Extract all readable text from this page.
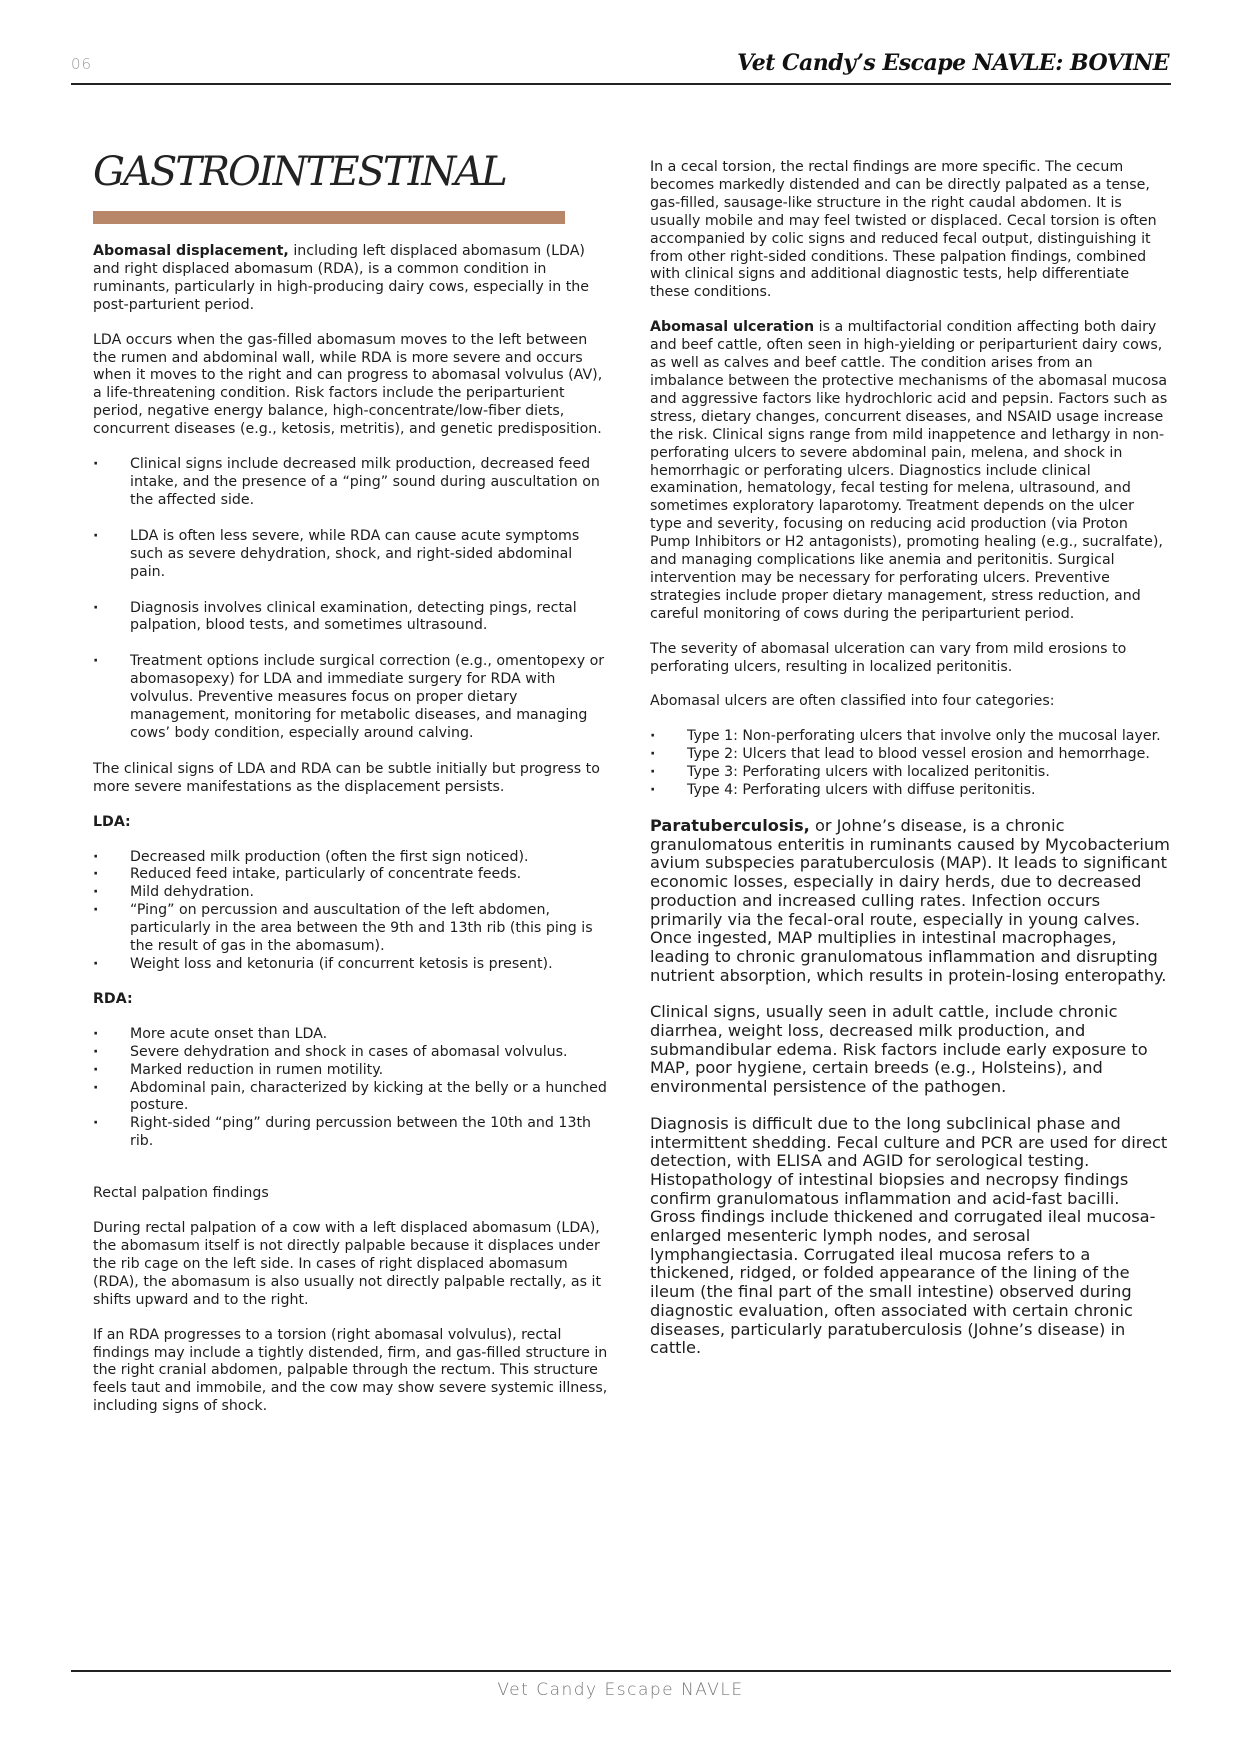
06	Vet Candy’s Escape NAVLE: BOVINE
GASTROINTESTINAL

Abomasal displacement, including left displaced abomasum (LDA) and right displaced abomasum (RDA), is a common condition in ruminants, particularly in high-producing dairy cows, especially in the post-parturient period.

LDA occurs when the gas-filled abomasum moves to the left between the rumen and abdominal wall, while RDA is more severe and occurs when it moves to the right and can progress to abomasal volvulus (AV), a life-threatening condition. Risk factors include the periparturient period, negative energy balance, high-concentrate/low-fiber diets, concurrent diseases (e.g., ketosis, metritis), and genetic predisposition.

· Clinical signs include decreased milk production, decreased feed intake, and the presence of a “ping” sound during auscultation on the affected side.
· LDA is often less severe, while RDA can cause acute symptoms such as severe dehydration, shock, and right-sided abdominal pain.
· Diagnosis involves clinical examination, detecting pings, rectal palpation, blood tests, and sometimes ultrasound.
· Treatment options include surgical correction (e.g., omentopexy or abomasopexy) for LDA and immediate surgery for RDA with volvulus. Preventive measures focus on proper dietary management, monitoring for metabolic diseases, and managing cows’ body condition, especially around calving.

The clinical signs of LDA and RDA can be subtle initially but progress to more severe manifestations as the displacement persists.

LDA:

· Decreased milk production (often the first sign noticed).
· Reduced feed intake, particularly of concentrate feeds.
· Mild dehydration.
· “Ping” on percussion and auscultation of the left abdomen, particularly in the area between the 9th and 13th rib (this ping is the result of gas in the abomasum).
· Weight loss and ketonuria (if concurrent ketosis is present).

RDA:

· More acute onset than LDA.
· Severe dehydration and shock in cases of abomasal volvulus.
· Marked reduction in rumen motility.
· Abdominal pain, characterized by kicking at the belly or a hunched posture.
· Right-sided “ping” during percussion between the 10th and 13th rib.

Rectal palpation findings

During rectal palpation of a cow with a left displaced abomasum (LDA), the abomasum itself is not directly palpable because it displaces under the rib cage on the left side. In cases of right displaced abomasum (RDA), the abomasum is also usually not directly palpable rectally, as it shifts upward and to the right.

If an RDA progresses to a torsion (right abomasal volvulus), rectal findings may include a tightly distended, firm, and gas-filled structure in the right cranial abdomen, palpable through the rectum. This structure feels taut and immobile, and the cow may show severe systemic illness, including signs of shock.

In a cecal torsion, the rectal findings are more specific. The cecum becomes markedly distended and can be directly palpated as a tense, gas-filled, sausage-like structure in the right caudal abdomen. It is usually mobile and may feel twisted or displaced. Cecal torsion is often accompanied by colic signs and reduced fecal output, distinguishing it from other right-sided conditions. These palpation findings, combined with clinical signs and additional diagnostic tests, help differentiate these conditions.

Abomasal ulceration is a multifactorial condition affecting both dairy and beef cattle, often seen in high-yielding or periparturient dairy cows, as well as calves and beef cattle. The condition arises from an imbalance between the protective mechanisms of the abomasal mucosa and aggressive factors like hydrochloric acid and pepsin. Factors such as stress, dietary changes, concurrent diseases, and NSAID usage increase the risk. Clinical signs range from mild inappetence and lethargy in non-perforating ulcers to severe abdominal pain, melena, and shock in hemorrhagic or perforating ulcers. Diagnostics include clinical examination, hematology, fecal testing for melena, ultrasound, and sometimes exploratory laparotomy. Treatment depends on the ulcer type and severity, focusing on reducing acid production (via Proton Pump Inhibitors or H2 antagonists), promoting healing (e.g., sucralfate), and managing complications like anemia and peritonitis. Surgical intervention may be necessary for perforating ulcers. Preventive strategies include proper dietary management, stress reduction, and careful monitoring of cows during the periparturient period.

The severity of abomasal ulceration can vary from mild erosions to perforating ulcers, resulting in localized peritonitis.

Abomasal ulcers are often classified into four categories:

· Type 1: Non-perforating ulcers that involve only the mucosal layer.
· Type 2: Ulcers that lead to blood vessel erosion and hemorrhage.
· Type 3: Perforating ulcers with localized peritonitis.
· Type 4: Perforating ulcers with diffuse peritonitis.

Paratuberculosis, or Johne’s disease, is a chronic granulomatous enteritis in ruminants caused by Mycobacterium avium subspecies paratuberculosis (MAP). It leads to significant economic losses, especially in dairy herds, due to decreased production and increased culling rates. Infection occurs primarily via the fecal-oral route, especially in young calves. Once ingested, MAP multiplies in intestinal macrophages, leading to chronic granulomatous inflammation and disrupting nutrient absorption, which results in protein-losing enteropathy.

Clinical signs, usually seen in adult cattle, include chronic diarrhea, weight loss, decreased milk production, and submandibular edema. Risk factors include early exposure to MAP, poor hygiene, certain breeds (e.g., Holsteins), and environmental persistence of the pathogen.

Diagnosis is difficult due to the long subclinical phase and intermittent shedding. Fecal culture and PCR are used for direct detection, with ELISA and AGID for serological testing. Histopathology of intestinal biopsies and necropsy findings confirm granulomatous inflammation and acid-fast bacilli. Gross findings include thickened and corrugated ileal mucosa- enlarged mesenteric lymph nodes, and serosal lymphangiectasia. Corrugated ileal mucosa refers to a thickened, ridged, or folded appearance of the lining of the ileum (the final part of the small intestine) observed during diagnostic evaluation, often associated with certain chronic diseases, particularly paratuberculosis (Johne’s disease) in cattle.

Vet Candy Escape NAVLE
